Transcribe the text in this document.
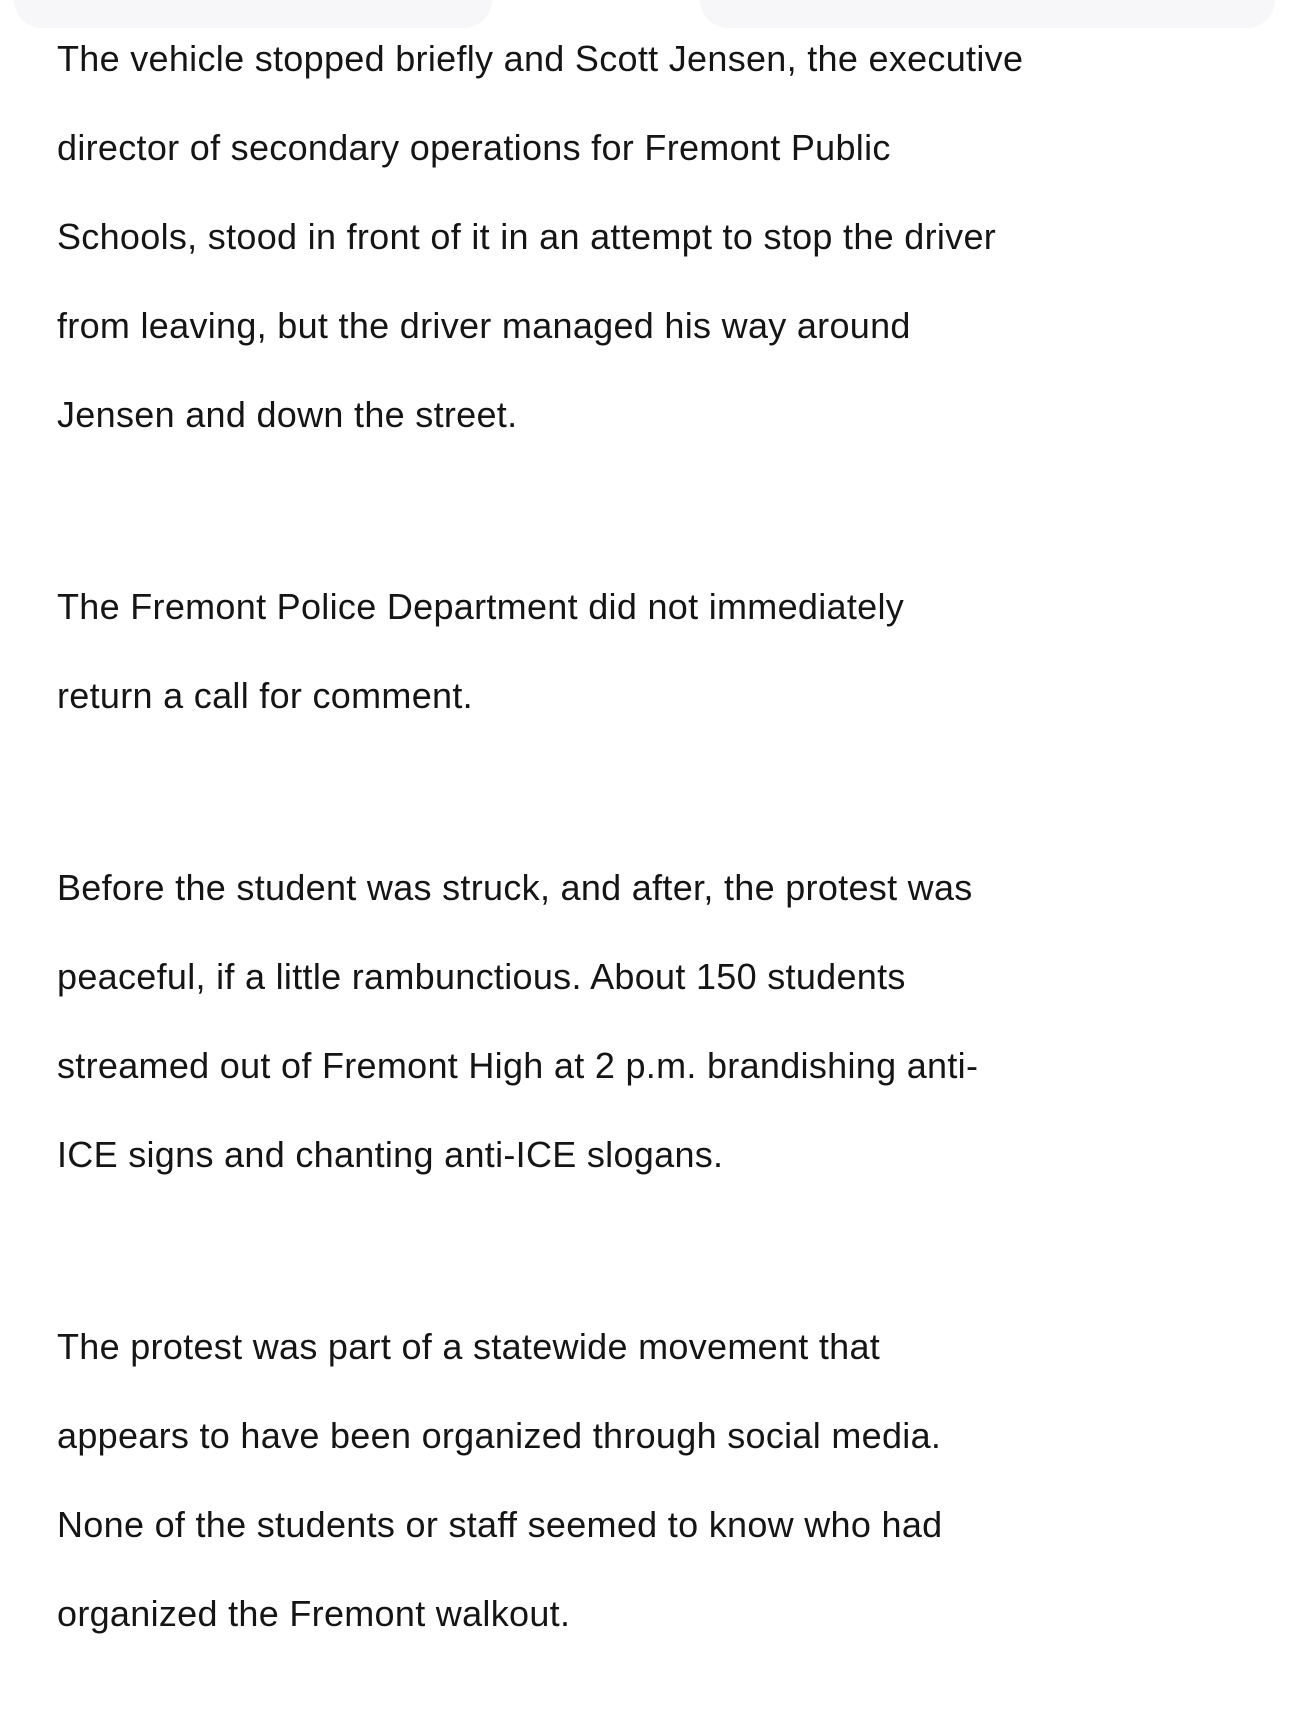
The vehicle stopped briefly and Scott Jensen, the executive
director of secondary operations for Fremont Public
Schools, stood in front of it in an attempt to stop the driver
from leaving, but the driver managed his way around
Jensen and down the street.

The Fremont Police Department did not immediately
return a call for comment.

Before the student was struck, and after, the protest was
peaceful, if a little rambunctious. About 150 students
streamed out of Fremont High at 2 p.m. brandishing anti-
ICE signs and chanting anti-ICE slogans.

The protest was part of a statewide movement that
appears to have been organized through social media.
None of the students or staff seemed to know who had
organized the Fremont walkout.
